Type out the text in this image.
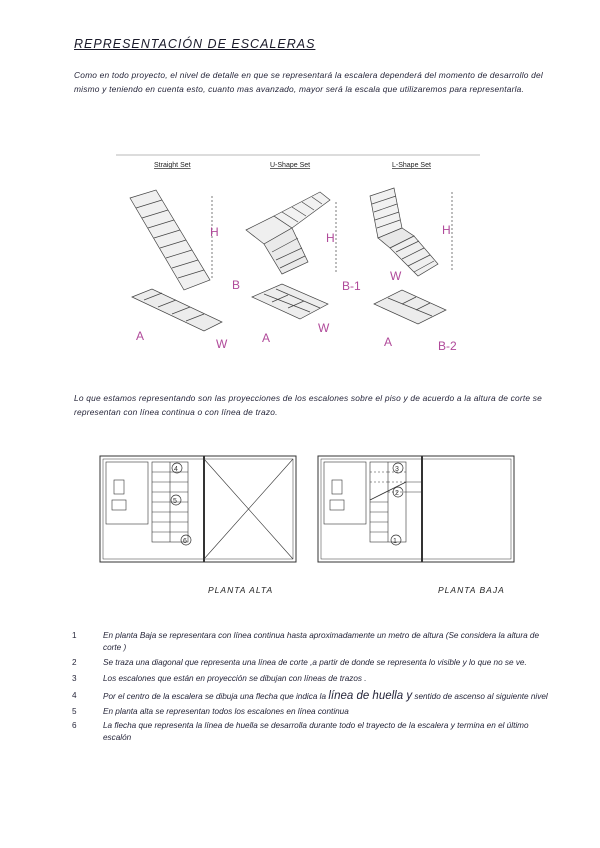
REPRESENTACIÓN DE ESCALERAS
Como en todo proyecto, el nivel de detalle en que se representará la escalera dependerá del momento de desarrollo del mismo y teniendo en cuenta esto, cuanto mas avanzado, mayor será la escala que utilizaremos para representarla.
Straight Set	U-Shape Set	L-Shape Set
H
A
W
B
H
A
W
H
B-1
W
A	B-2
Lo que estamos representando son las proyecciones de los escalones sobre el piso y de acuerdo a la altura de corte se representan con línea continua o con línea de trazo.
4
5
6
3
2
1
PLANTA ALTA	PLANTA BAJA
1	En planta Baja se representara con línea continua hasta aproximadamente un metro de altura (Se considera la altura de corte )
2	Se traza una diagonal que representa una línea de corte ,a partir de donde se representa lo visible y lo que no se ve.
3	Los escalones que están en proyección se dibujan con líneas de trazos .
4	Por el centro de la escalera se dibuja una flecha que indica la línea de huella y sentido de ascenso al siguiente nivel
5	En planta alta se representan todos los escalones en línea continua
6	La flecha que representa la línea de huella se desarrolla durante todo el trayecto de la escalera y termina en el último escalón
